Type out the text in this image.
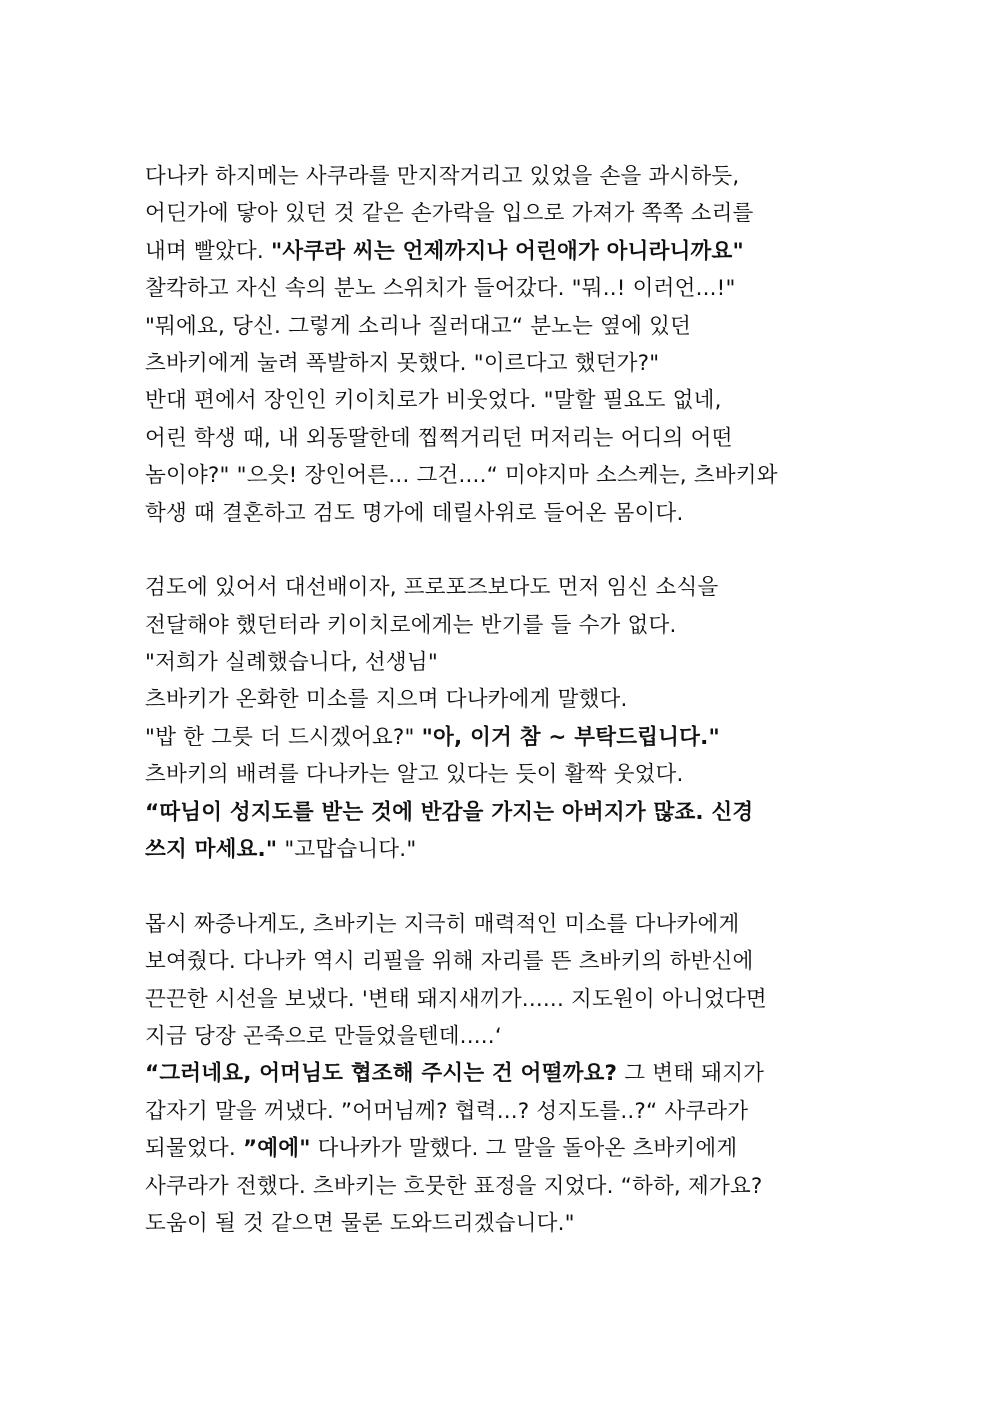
다나카 하지메는 사쿠라를 만지작거리고 있었을 손을 과시하듯,
어딘가에 닿아 있던 것 같은 손가락을 입으로 가져가 쪽쪽 소리를
내며 빨았다. "사쿠라 씨는 언제까지나 어린애가 아니라니까요"
찰칵하고 자신 속의 분노 스위치가 들어갔다. "뭐..! 이러언...!"
"뭐에요, 당신. 그렇게 소리나 질러대고“ 분노는 옆에 있던
츠바키에게 눌려 폭발하지 못했다. "이르다고 했던가?"
반대 편에서 장인인 키이치로가 비웃었다. "말할 필요도 없네,
어린 학생 때, 내 외동딸한데 찝쩍거리던 머저리는 어디의 어떤
놈이야?" "으읏! 장인어른... 그건....“ 미야지마 소스케는, 츠바키와
학생 때 결혼하고 검도 명가에 데릴사위로 들어온 몸이다.
검도에 있어서 대선배이자, 프로포즈보다도 먼저 임신 소식을
전달해야 했던터라 키이치로에게는 반기를 들 수가 없다.
"저희가 실례했습니다, 선생님"
츠바키가 온화한 미소를 지으며 다나카에게 말했다.
"밥 한 그릇 더 드시겠어요?" "아, 이거 참 ~ 부탁드립니다."
츠바키의 배려를 다나카는 알고 있다는 듯이 활짝 웃었다.
“따님이 성지도를 받는 것에 반감을 가지는 아버지가 많죠. 신경
쓰지 마세요." "고맙습니다."
몹시 짜증나게도, 츠바키는 지극히 매력적인 미소를 다나카에게
보여줬다. 다나카 역시 리필을 위해 자리를 뜬 츠바키의 하반신에
끈끈한 시선을 보냈다. '변태 돼지새끼가...... 지도원이 아니었다면
지금 당장 곤죽으로 만들었을텐데.....‘
“그러네요, 어머님도 협조해 주시는 건 어떨까요? 그 변태 돼지가
갑자기 말을 꺼냈다. ”어머님께? 협력...? 성지도를..?“ 사쿠라가
되물었다. ”예에" 다나카가 말했다. 그 말을 돌아온 츠바키에게
사쿠라가 전했다. 츠바키는 흐뭇한 표정을 지었다. “하하, 제가요?
도움이 될 것 같으면 물론 도와드리겠습니다."
